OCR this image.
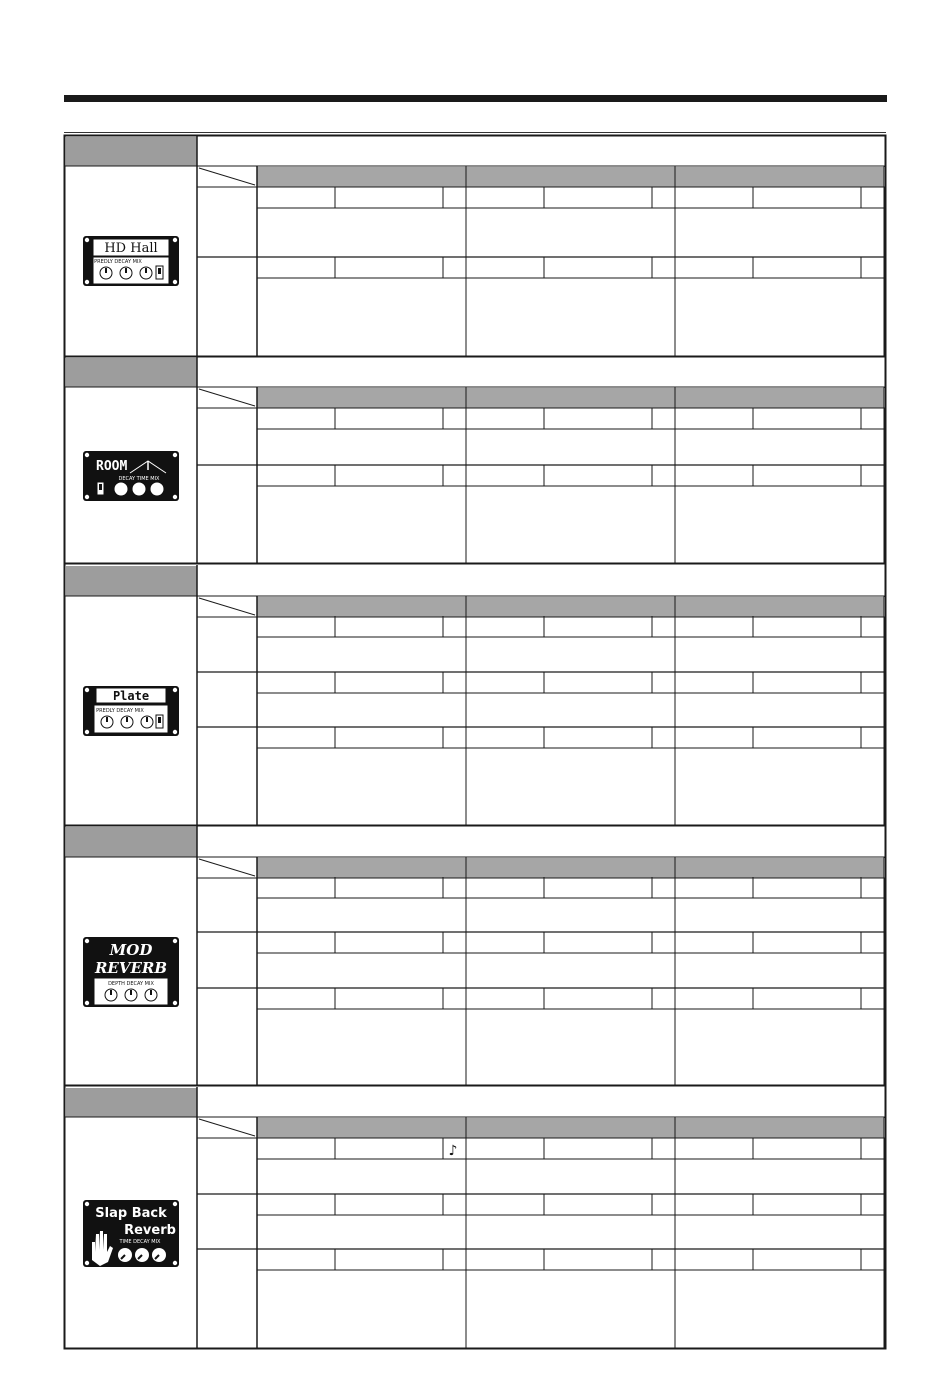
HD Hall
PREDLY DECAY MIX
ROOM
DECAY TIME MIX
Plate
PREDLY DECAY MIX
MOD
REVERB
DEPTH DECAY MIX
Slap Back
Reverb
TIME DECAY MIX
♪
